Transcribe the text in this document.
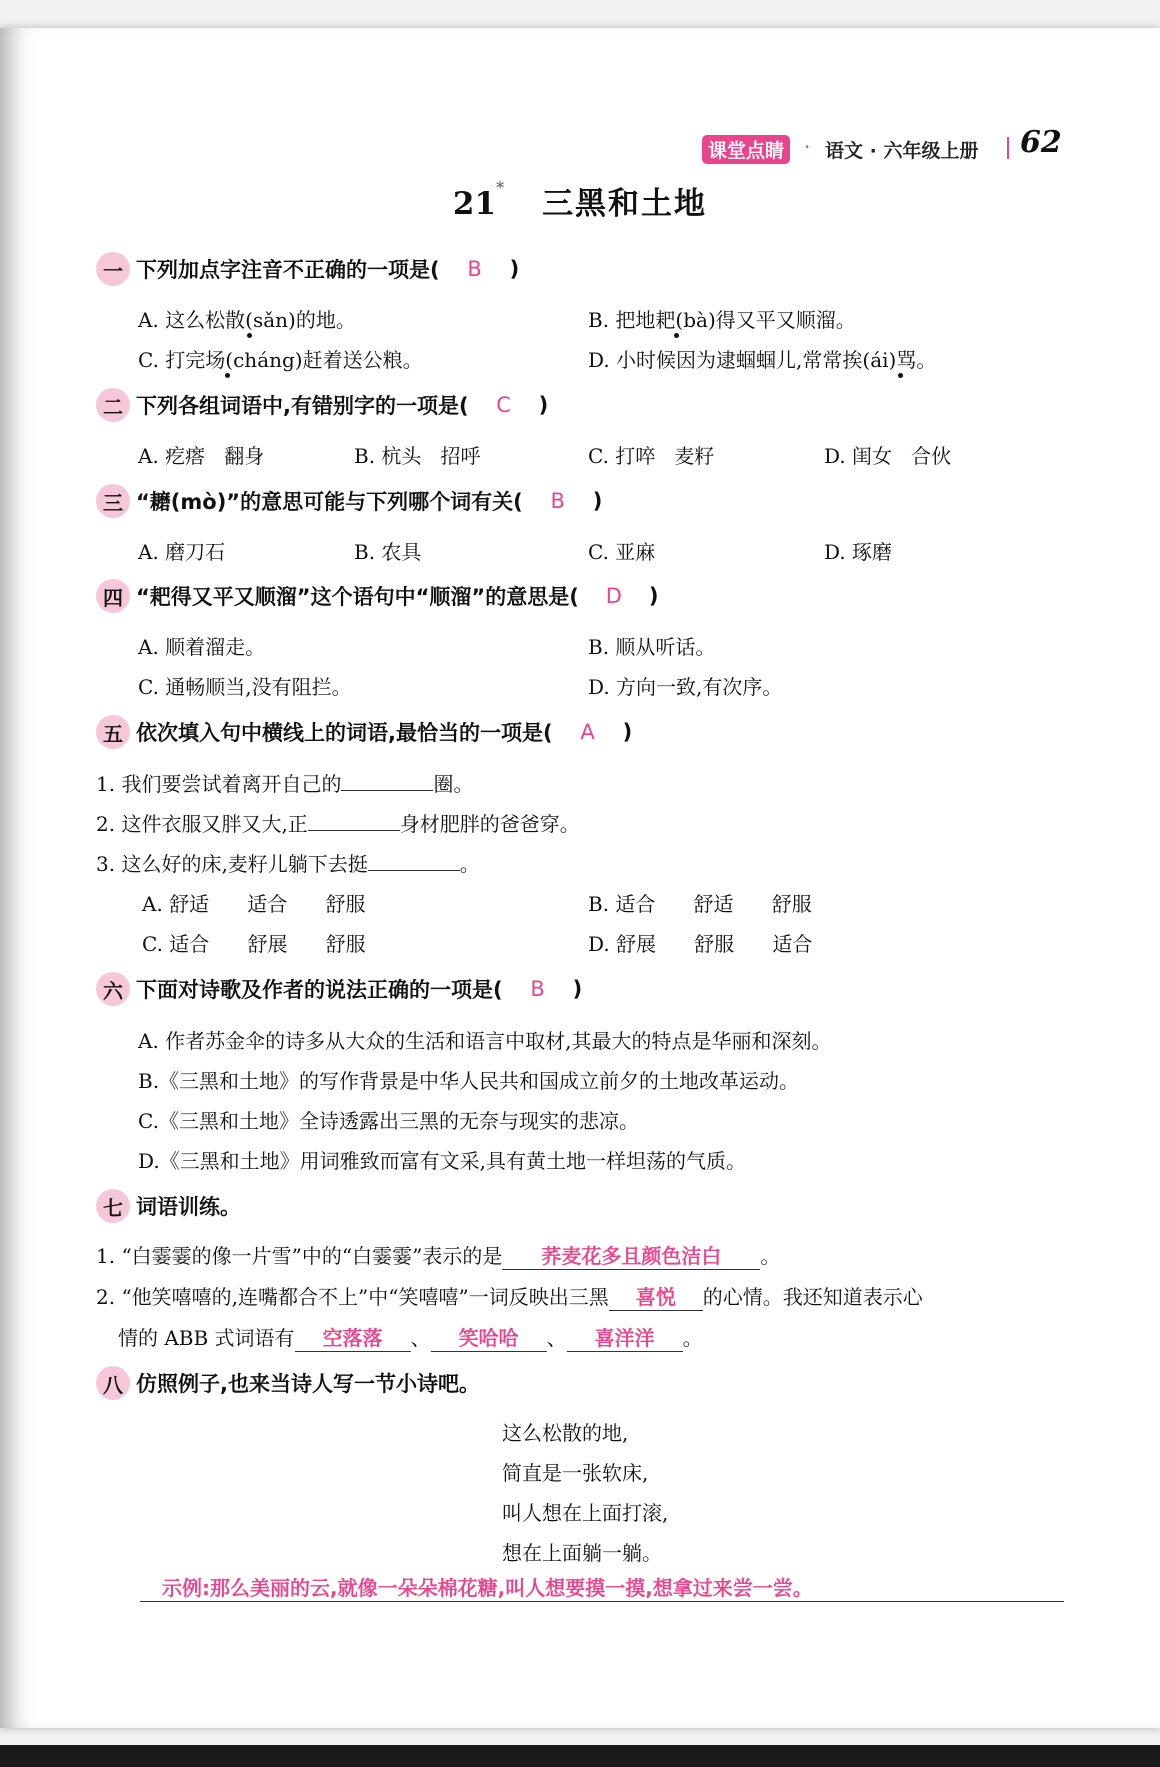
课堂点睛 · 语文 · 六年级上册 62
21* 三黑和土地
一 下列加点字注音不正确的一项是(	B	)
A. 这么松散(sǎn)的地。	B. 把地耙(bà)得又平又顺溜。
C. 打完场(cháng)赶着送公粮。	D. 小时候因为逮蝈蝈儿,常常挨(ái)骂。
二 下列各组词语中,有错别字的一项是(	C	)
A. 疙瘩   翻身	B. 杭头   招呼	C. 打啐   麦籽	D. 闺女   合伙
三 “耱(mò)”的意思可能与下列哪个词有关(	B	)
A. 磨刀石	B. 农具	C. 亚麻	D. 琢磨
四 “耙得又平又顺溜”这个语句中“顺溜”的意思是(	D	)
A. 顺着溜走。	B. 顺从听话。
C. 通畅顺当,没有阻拦。	D. 方向一致,有次序。
五 依次填入句中横线上的词语,最恰当的一项是(	A	)
1. 我们要尝试着离开自己的	圈。
2. 这件衣服又胖又大,正	身材肥胖的爸爸穿。
3. 这么好的床,麦籽儿躺下去挺	。
A. 舒适      适合      舒服	B. 适合      舒适      舒服
C. 适合      舒展      舒服	D. 舒展      舒服      适合
六 下面对诗歌及作者的说法正确的一项是(	B	)
A. 作者苏金伞的诗多从大众的生活和语言中取材,其最大的特点是华丽和深刻。
B.《三黑和土地》的写作背景是中华人民共和国成立前夕的土地改革运动。
C.《三黑和土地》全诗透露出三黑的无奈与现实的悲凉。
D.《三黑和土地》用词雅致而富有文采,具有黄土地一样坦荡的气质。
七 词语训练。
1. “白霎霎的像一片雪”中的“白霎霎”表示的是 荞麦花多且颜色洁白 。
2. “他笑嘻嘻的,连嘴都合不上”中“笑嘻嘻”一词反映出三黑 喜悦 的心情。我还知道表示心
情的 ABB 式词语有 空落落 、 笑哈哈 、 喜洋洋 。
八 仿照例子,也来当诗人写一节小诗吧。
这么松散的地,
简直是一张软床,
叫人想在上面打滚,
想在上面躺一躺。
示例:那么美丽的云,就像一朵朵棉花糖,叫人想要摸一摸,想拿过来尝一尝。
